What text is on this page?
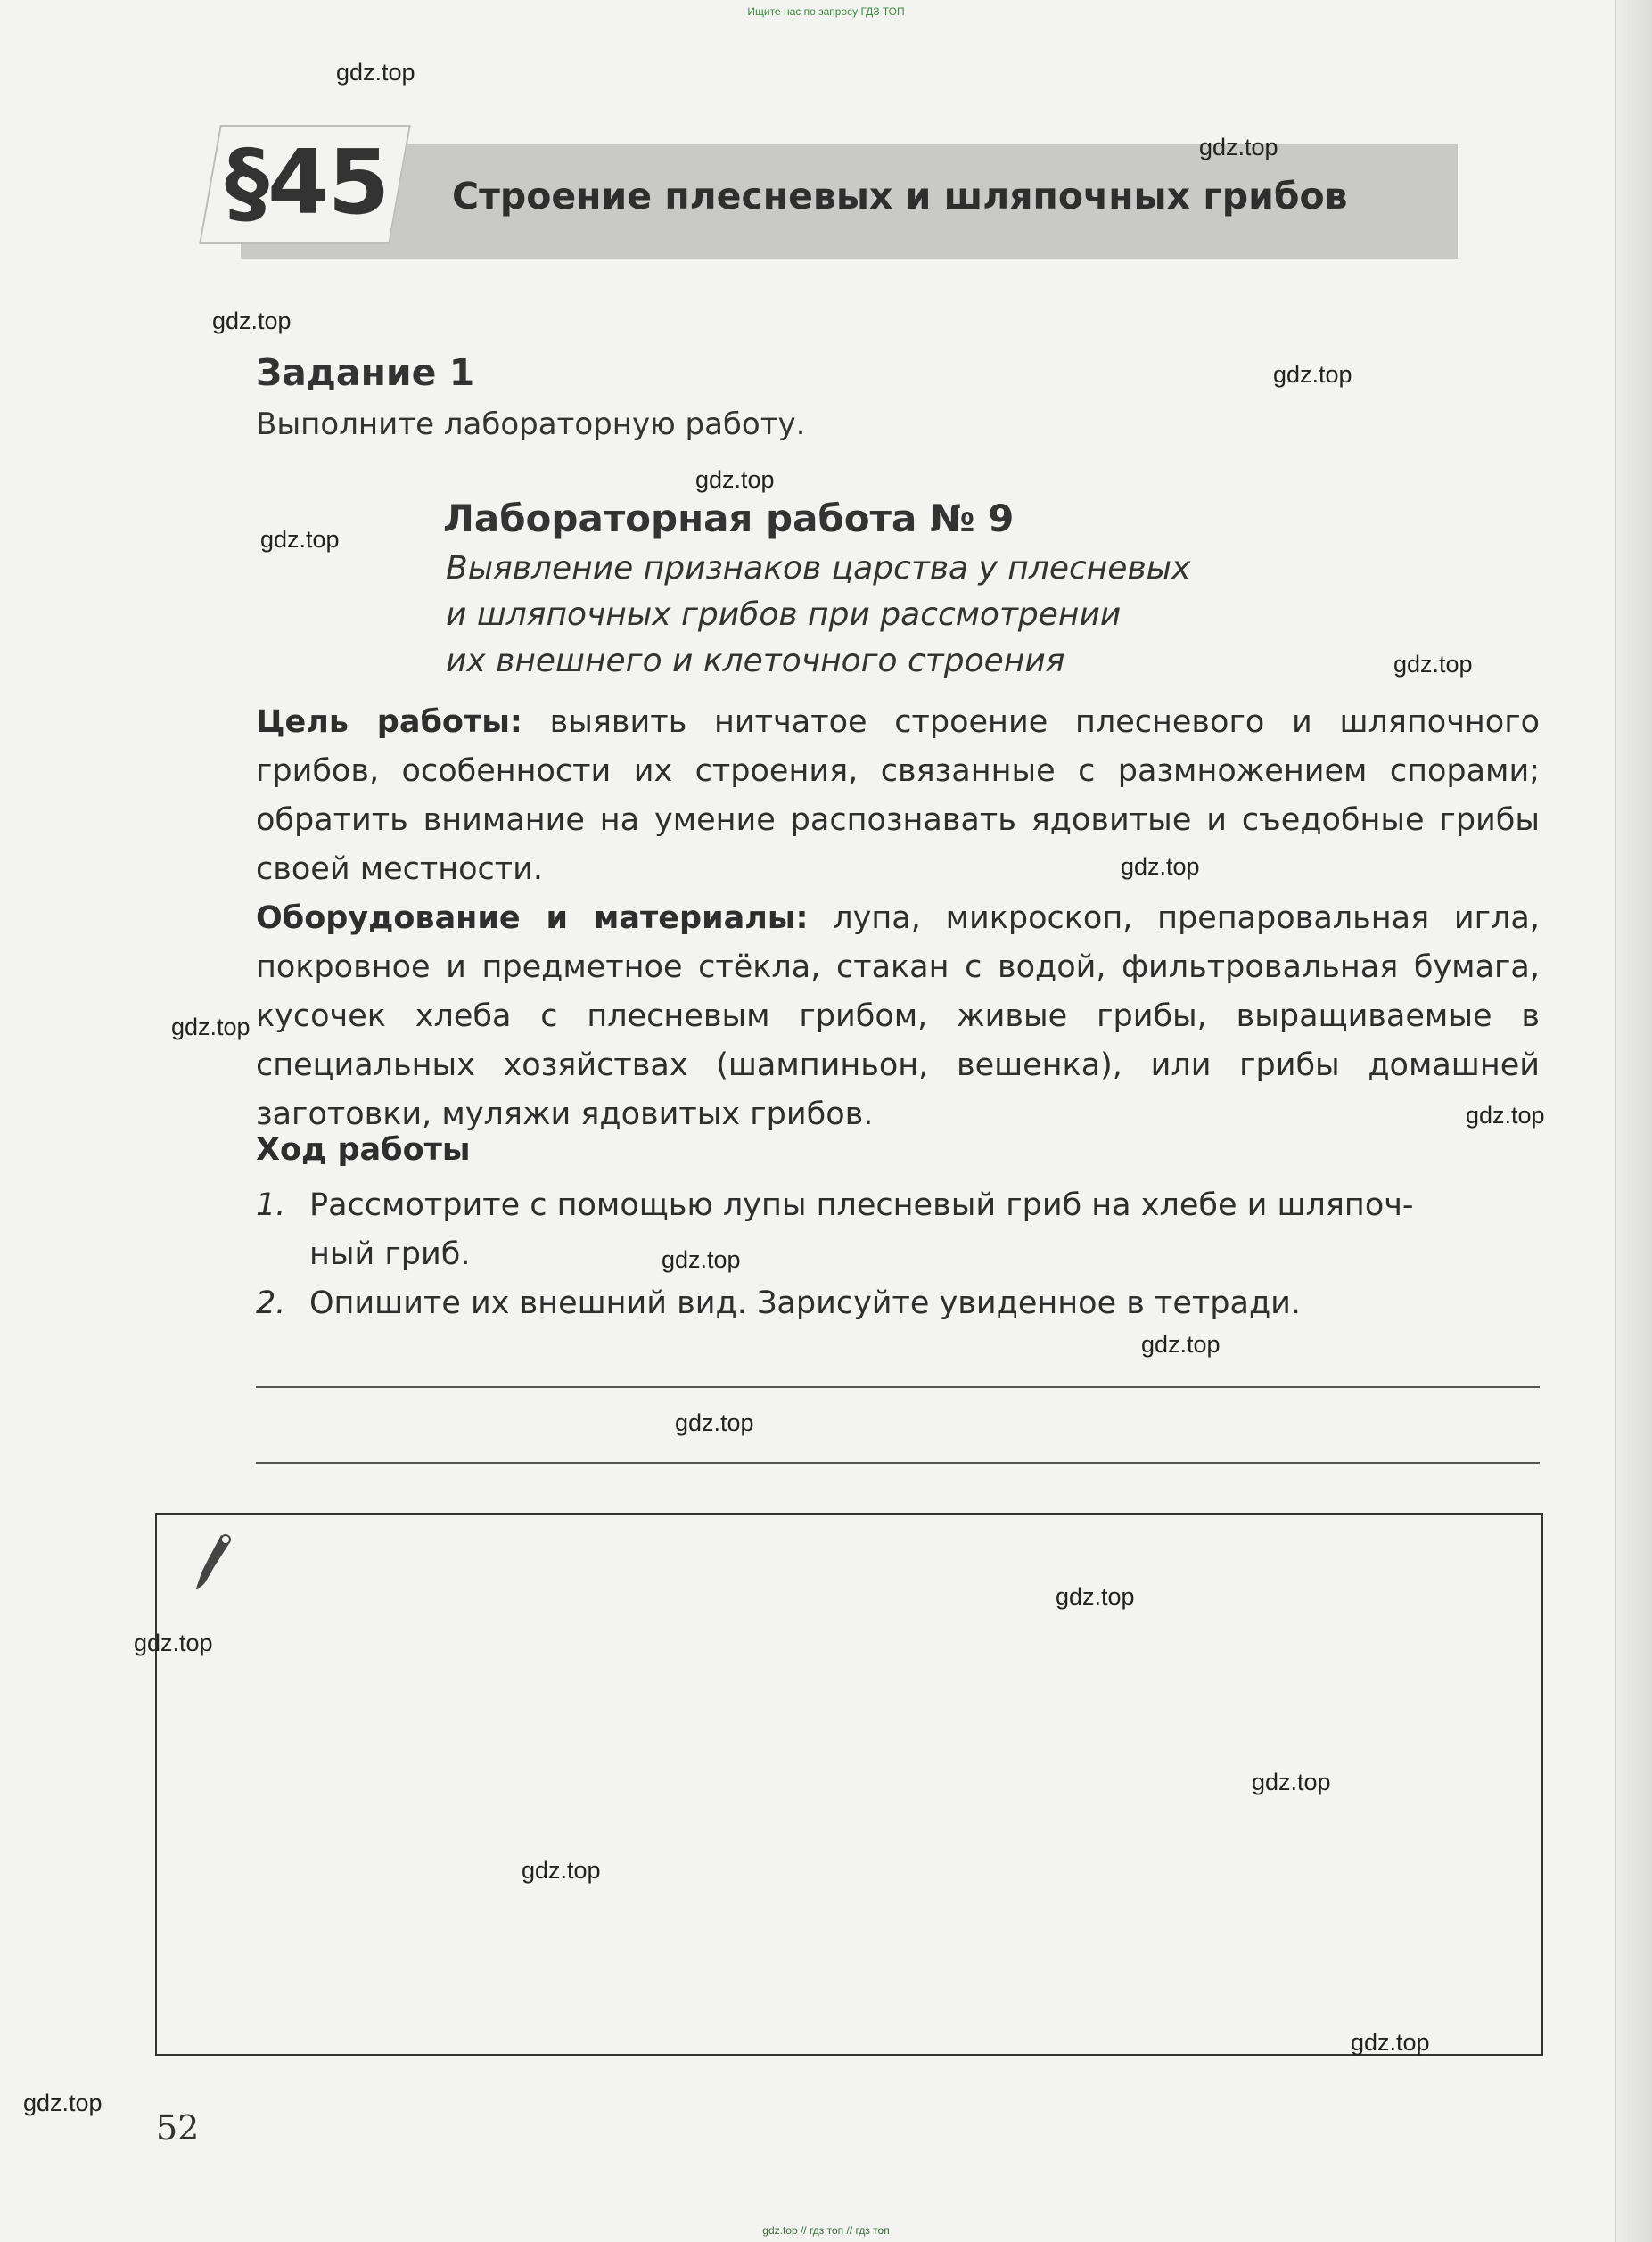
Ищите нас по запросу ГДЗ ТОП
gdz.top // гдз топ // гдз топ
§45 Строение плесневых и шляпочных грибов
Задание 1
Выполните лабораторную работу.
Лабораторная работа № 9
Выявление признаков царства у плесневых
и шляпочных грибов при рассмотрении
их внешнего и клеточного строения
Цель работы: выявить нитчатое строение плесневого и шляпочного грибов, особенности их строения, связанные с размножением спорами; обратить внимание на умение распознавать ядовитые и съедобные грибы своей местности.
Оборудование и материалы: лупа, микроскоп, препаровальная игла, покровное и предметное стёкла, стакан с водой, фильтровальная бумага, кусочек хлеба с плесневым грибом, живые грибы, выращиваемые в специальных хозяйствах (шампиньон, вешенка), или грибы домашней заготовки, муляжи ядовитых грибов.
Ход работы
1. Рассмотрите с помощью лупы плесневый гриб на хлебе и шляпоч-
ный гриб.
2. Опишите их внешний вид. Зарисуйте увиденное в тетради.
52
gdz.top
gdz.top
gdz.top
gdz.top
gdz.top
gdz.top
gdz.top
gdz.top
gdz.top
gdz.top
gdz.top
gdz.top
gdz.top
gdz.top
gdz.top
gdz.top
gdz.top
gdz.top
gdz.top
